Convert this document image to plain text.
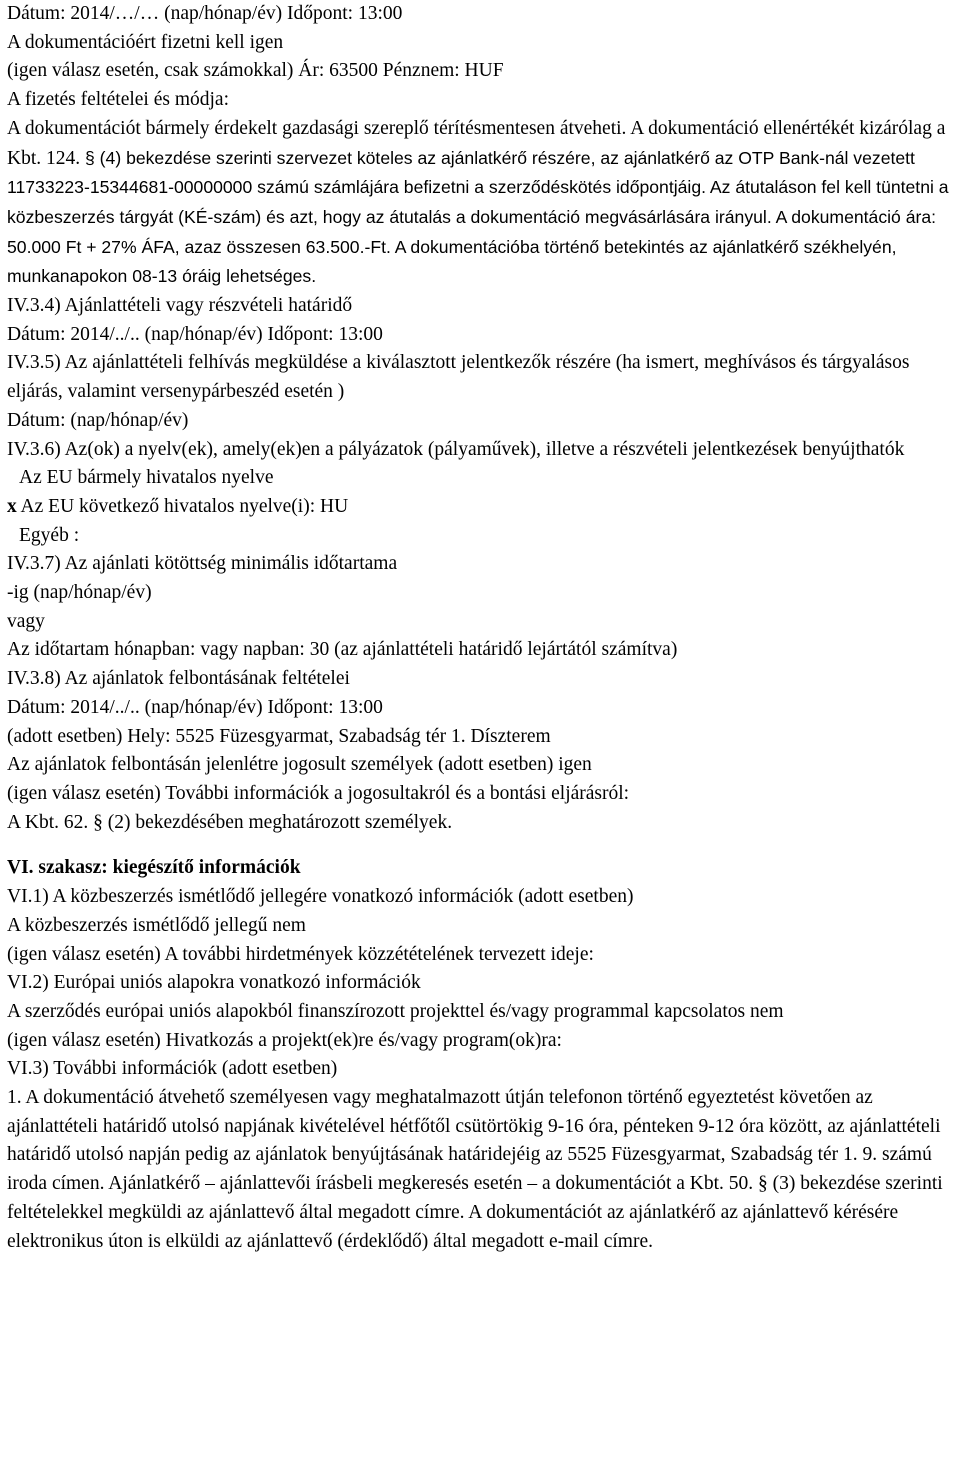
Dátum: 2014/…/… (nap/hónap/év) Időpont: 13:00

A dokumentációért fizetni kell igen

(igen válasz esetén, csak számokkal) Ár: 63500 Pénznem: HUF

A fizetés feltételei és módja:

A dokumentációt bármely érdekelt gazdasági szereplő térítésmentesen átveheti. A dokumentáció ellenértékét kizárólag a Kbt. 124. § (4) bekezdése szerinti szervezet köteles az ajánlatkérő részére, az ajánlatkérő az OTP Bank-nál vezetett 11733223-15344681-00000000 számú számlájára befizetni a szerződéskötés időpontjáig. Az átutaláson fel kell tüntetni a közbeszerzés tárgyát (KÉ-szám) és azt, hogy az átutalás a dokumentáció megvásárlására irányul. A dokumentáció ára: 50.000 Ft + 27% ÁFA, azaz összesen 63.500.-Ft. A dokumentációba történő betekintés az ajánlatkérő székhelyén, munkanapokon 08-13 óráig lehetséges.

IV.3.4) Ajánlattételi vagy részvételi határidő

Dátum: 2014/../.. (nap/hónap/év) Időpont: 13:00

IV.3.5) Az ajánlattételi felhívás megküldése a kiválasztott jelentkezők részére (ha ismert, meghívásos és tárgyalásos eljárás, valamint versenypárbeszéd esetén )

Dátum: (nap/hónap/év)

IV.3.6) Az(ok) a nyelv(ek), amely(ek)en a pályázatok (pályaművek), illetve a részvételi jelentkezések benyújthatók

Az EU bármely hivatalos nyelve

x Az EU következő hivatalos nyelve(i): HU

Egyéb :

IV.3.7) Az ajánlati kötöttség minimális időtartama

-ig (nap/hónap/év)

vagy

Az időtartam hónapban: vagy napban: 30 (az ajánlattételi határidő lejártától számítva)

IV.3.8) Az ajánlatok felbontásának feltételei

Dátum: 2014/../.. (nap/hónap/év) Időpont: 13:00

(adott esetben) Hely: 5525 Füzesgyarmat, Szabadság tér 1. Díszterem

Az ajánlatok felbontásán jelenlétre jogosult személyek (adott esetben) igen

(igen válasz esetén) További információk a jogosultakról és a bontási eljárásról:

A Kbt. 62. § (2) bekezdésében meghatározott személyek.

VI. szakasz: kiegészítő információk

VI.1) A közbeszerzés ismétlődő jellegére vonatkozó információk (adott esetben)

A közbeszerzés ismétlődő jellegű nem

(igen válasz esetén) A további hirdetmények közzétételének tervezett ideje:

VI.2) Európai uniós alapokra vonatkozó információk

A szerződés európai uniós alapokból finanszírozott projekttel és/vagy programmal kapcsolatos nem

(igen válasz esetén) Hivatkozás a projekt(ek)re és/vagy program(ok)ra:

VI.3) További információk (adott esetben)

1. A dokumentáció átvehető személyesen vagy meghatalmazott útján telefonon történő egyeztetést követően az ajánlattételi határidő utolsó napjának kivételével hétfőtől csütörtökig 9-16 óra, pénteken 9-12 óra között, az ajánlattételi határidő utolsó napján pedig az ajánlatok benyújtásának határidejéig az 5525 Füzesgyarmat, Szabadság tér 1. 9. számú iroda címen. Ajánlatkérő – ajánlattevői írásbeli megkeresés esetén – a dokumentációt a Kbt. 50. § (3) bekezdése szerinti feltételekkel megküldi az ajánlattevő által megadott címre. A dokumentációt az ajánlatkérő az ajánlattevő kérésére elektronikus úton is elküldi az ajánlattevő (érdeklődő) által megadott e-mail címre.
